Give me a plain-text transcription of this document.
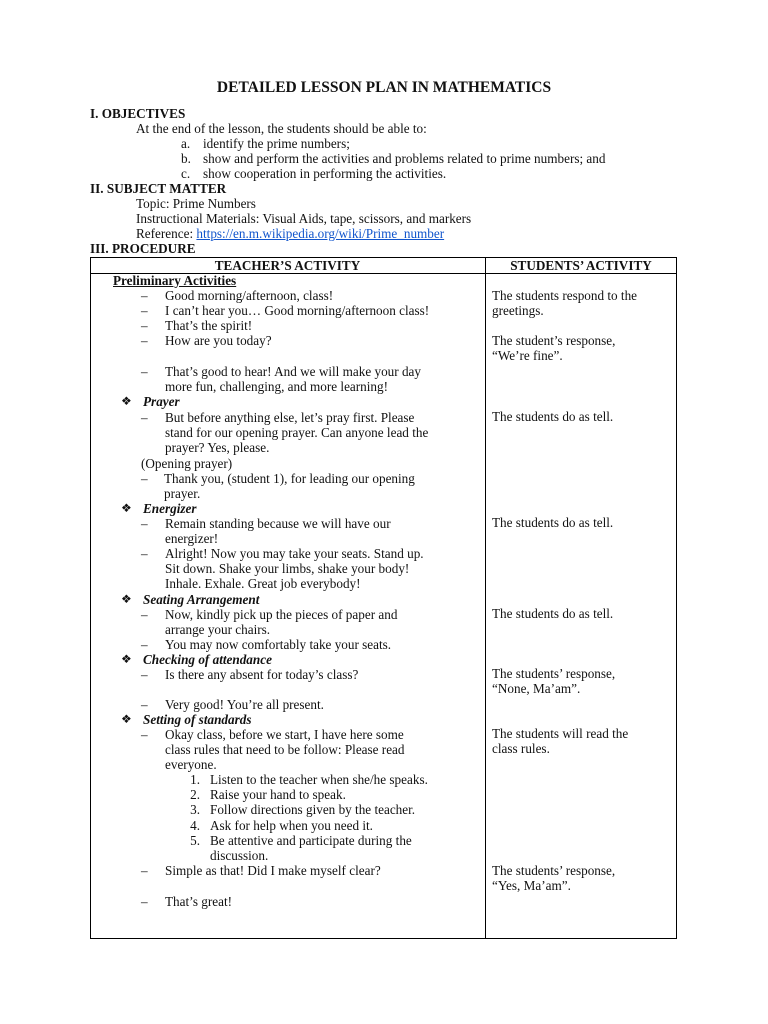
DETAILED LESSON PLAN IN MATHEMATICS
I. OBJECTIVES
At the end of the lesson, the students should be able to:
a. identify the prime numbers;
b. show and perform the activities and problems related to prime numbers; and
c. show cooperation in performing the activities.
II. SUBJECT MATTER
Topic: Prime Numbers
Instructional Materials: Visual Aids, tape, scissors, and markers
Reference: https://en.m.wikipedia.org/wiki/Prime_number
III. PROCEDURE
TEACHER’S ACTIVITY	STUDENTS’ ACTIVITY
Preliminary Activities
– Good morning/afternoon, class!
– I can’t hear you… Good morning/afternoon class!
– That’s the spirit!
– How are you today?
– That’s good to hear! And we will make your day
more fun, challenging, and more learning!
The students respond to the
greetings.
The student’s response,
“We’re fine”.
❖ Prayer
– But before anything else, let’s pray first. Please
stand for our opening prayer. Can anyone lead the
prayer? Yes, please.
(Opening prayer)
– Thank you, (student 1), for leading our opening
prayer.
The students do as tell.
❖ Energizer
– Remain standing because we will have our
energizer!
– Alright! Now you may take your seats. Stand up.
Sit down. Shake your limbs, shake your body!
Inhale. Exhale. Great job everybody!
The students do as tell.
❖ Seating Arrangement
– Now, kindly pick up the pieces of paper and
arrange your chairs.
– You may now comfortably take your seats.
The students do as tell.
❖ Checking of attendance
– Is there any absent for today’s class?
– Very good! You’re all present.
The students’ response,
“None, Ma’am”.
❖ Setting of standards
– Okay class, before we start, I have here some
class rules that need to be follow: Please read
everyone.
1. Listen to the teacher when she/he speaks.
2. Raise your hand to speak.
3. Follow directions given by the teacher.
4. Ask for help when you need it.
5. Be attentive and participate during the
discussion.
– Simple as that! Did I make myself clear?
– That’s great!
The students will read the
class rules.
The students’ response,
“Yes, Ma’am”.
